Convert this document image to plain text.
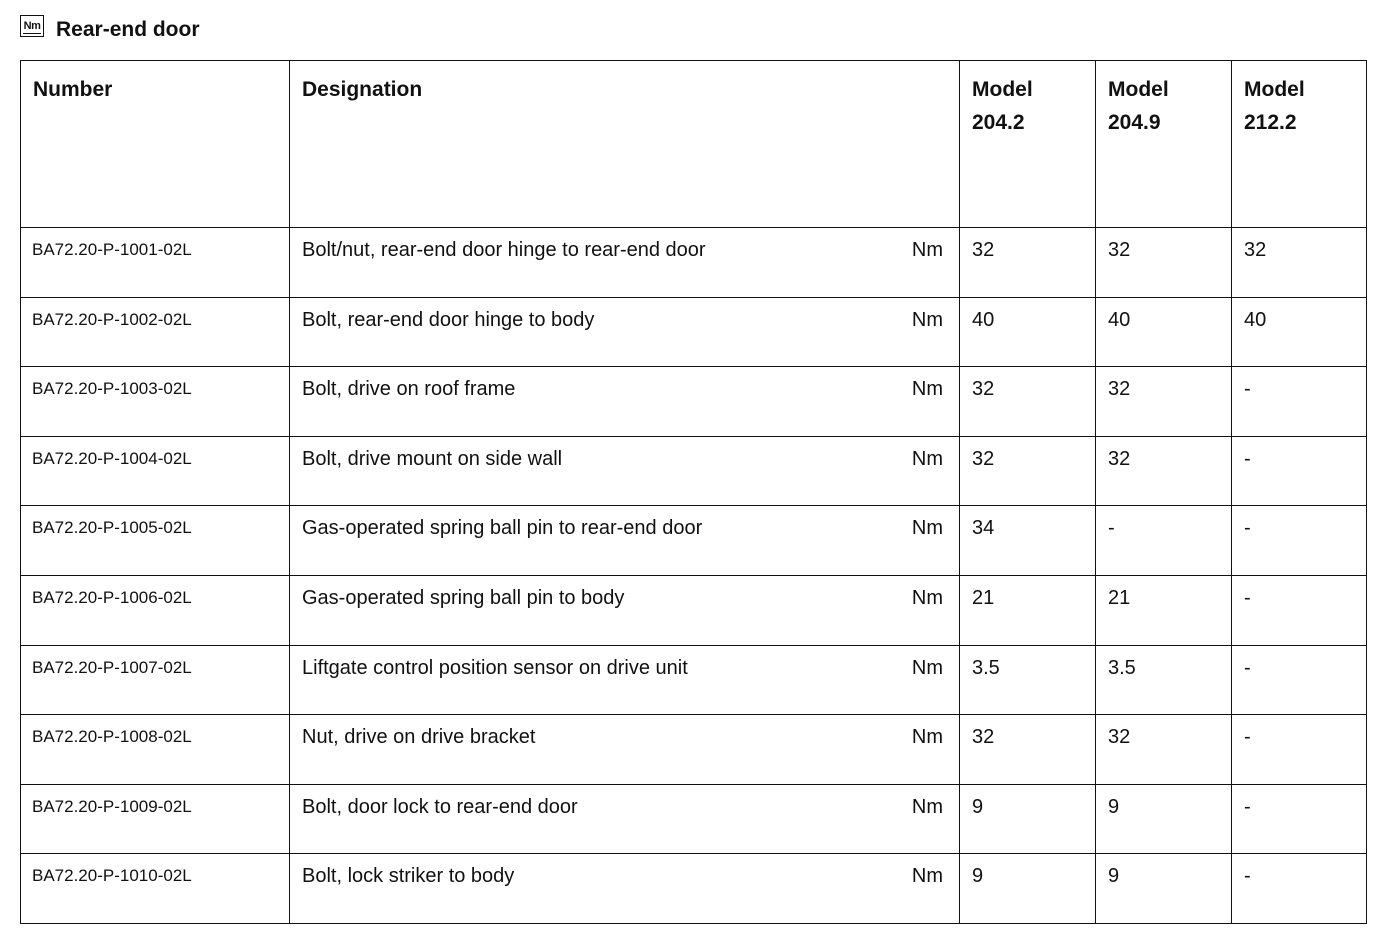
Nm Rear-end door
Number	Designation	Model 204.2	Model 204.9	Model 212.2
BA72.20-P-1001-02L	Bolt/nut, rear-end door hinge to rear-end door Nm	32	32	32
BA72.20-P-1002-02L	Bolt, rear-end door hinge to body Nm	40	40	40
BA72.20-P-1003-02L	Bolt, drive on roof frame Nm	32	32	-
BA72.20-P-1004-02L	Bolt, drive mount on side wall Nm	32	32	-
BA72.20-P-1005-02L	Gas-operated spring ball pin to rear-end door Nm	34	-	-
BA72.20-P-1006-02L	Gas-operated spring ball pin to body Nm	21	21	-
BA72.20-P-1007-02L	Liftgate control position sensor on drive unit Nm	3.5	3.5	-
BA72.20-P-1008-02L	Nut, drive on drive bracket Nm	32	32	-
BA72.20-P-1009-02L	Bolt, door lock to rear-end door Nm	9	9	-
BA72.20-P-1010-02L	Bolt, lock striker to body Nm	9	9	-
